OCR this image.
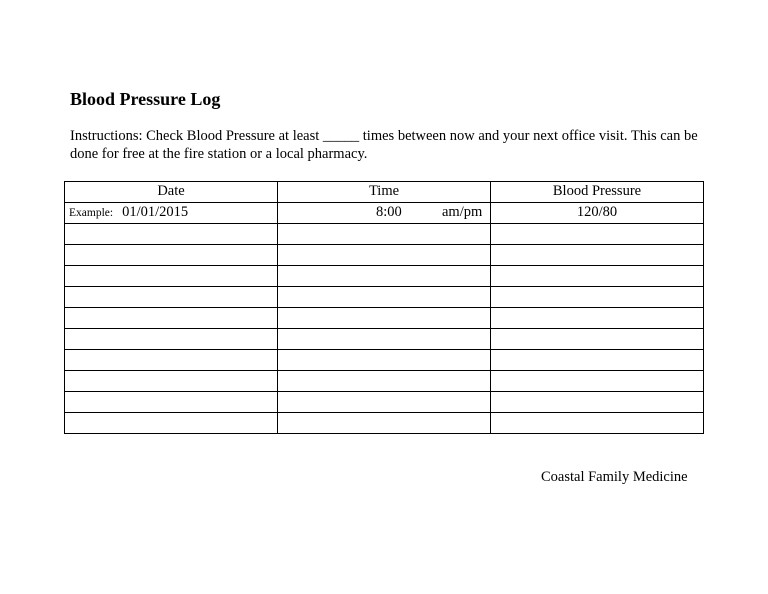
Blood Pressure Log

Instructions: Check Blood Pressure at least _____ times between now and your next office visit. This can be done for free at the fire station or a local pharmacy.

Date	Time	Blood Pressure
Example: 01/01/2015	8:00 am/pm	120/80

Coastal Family Medicine
